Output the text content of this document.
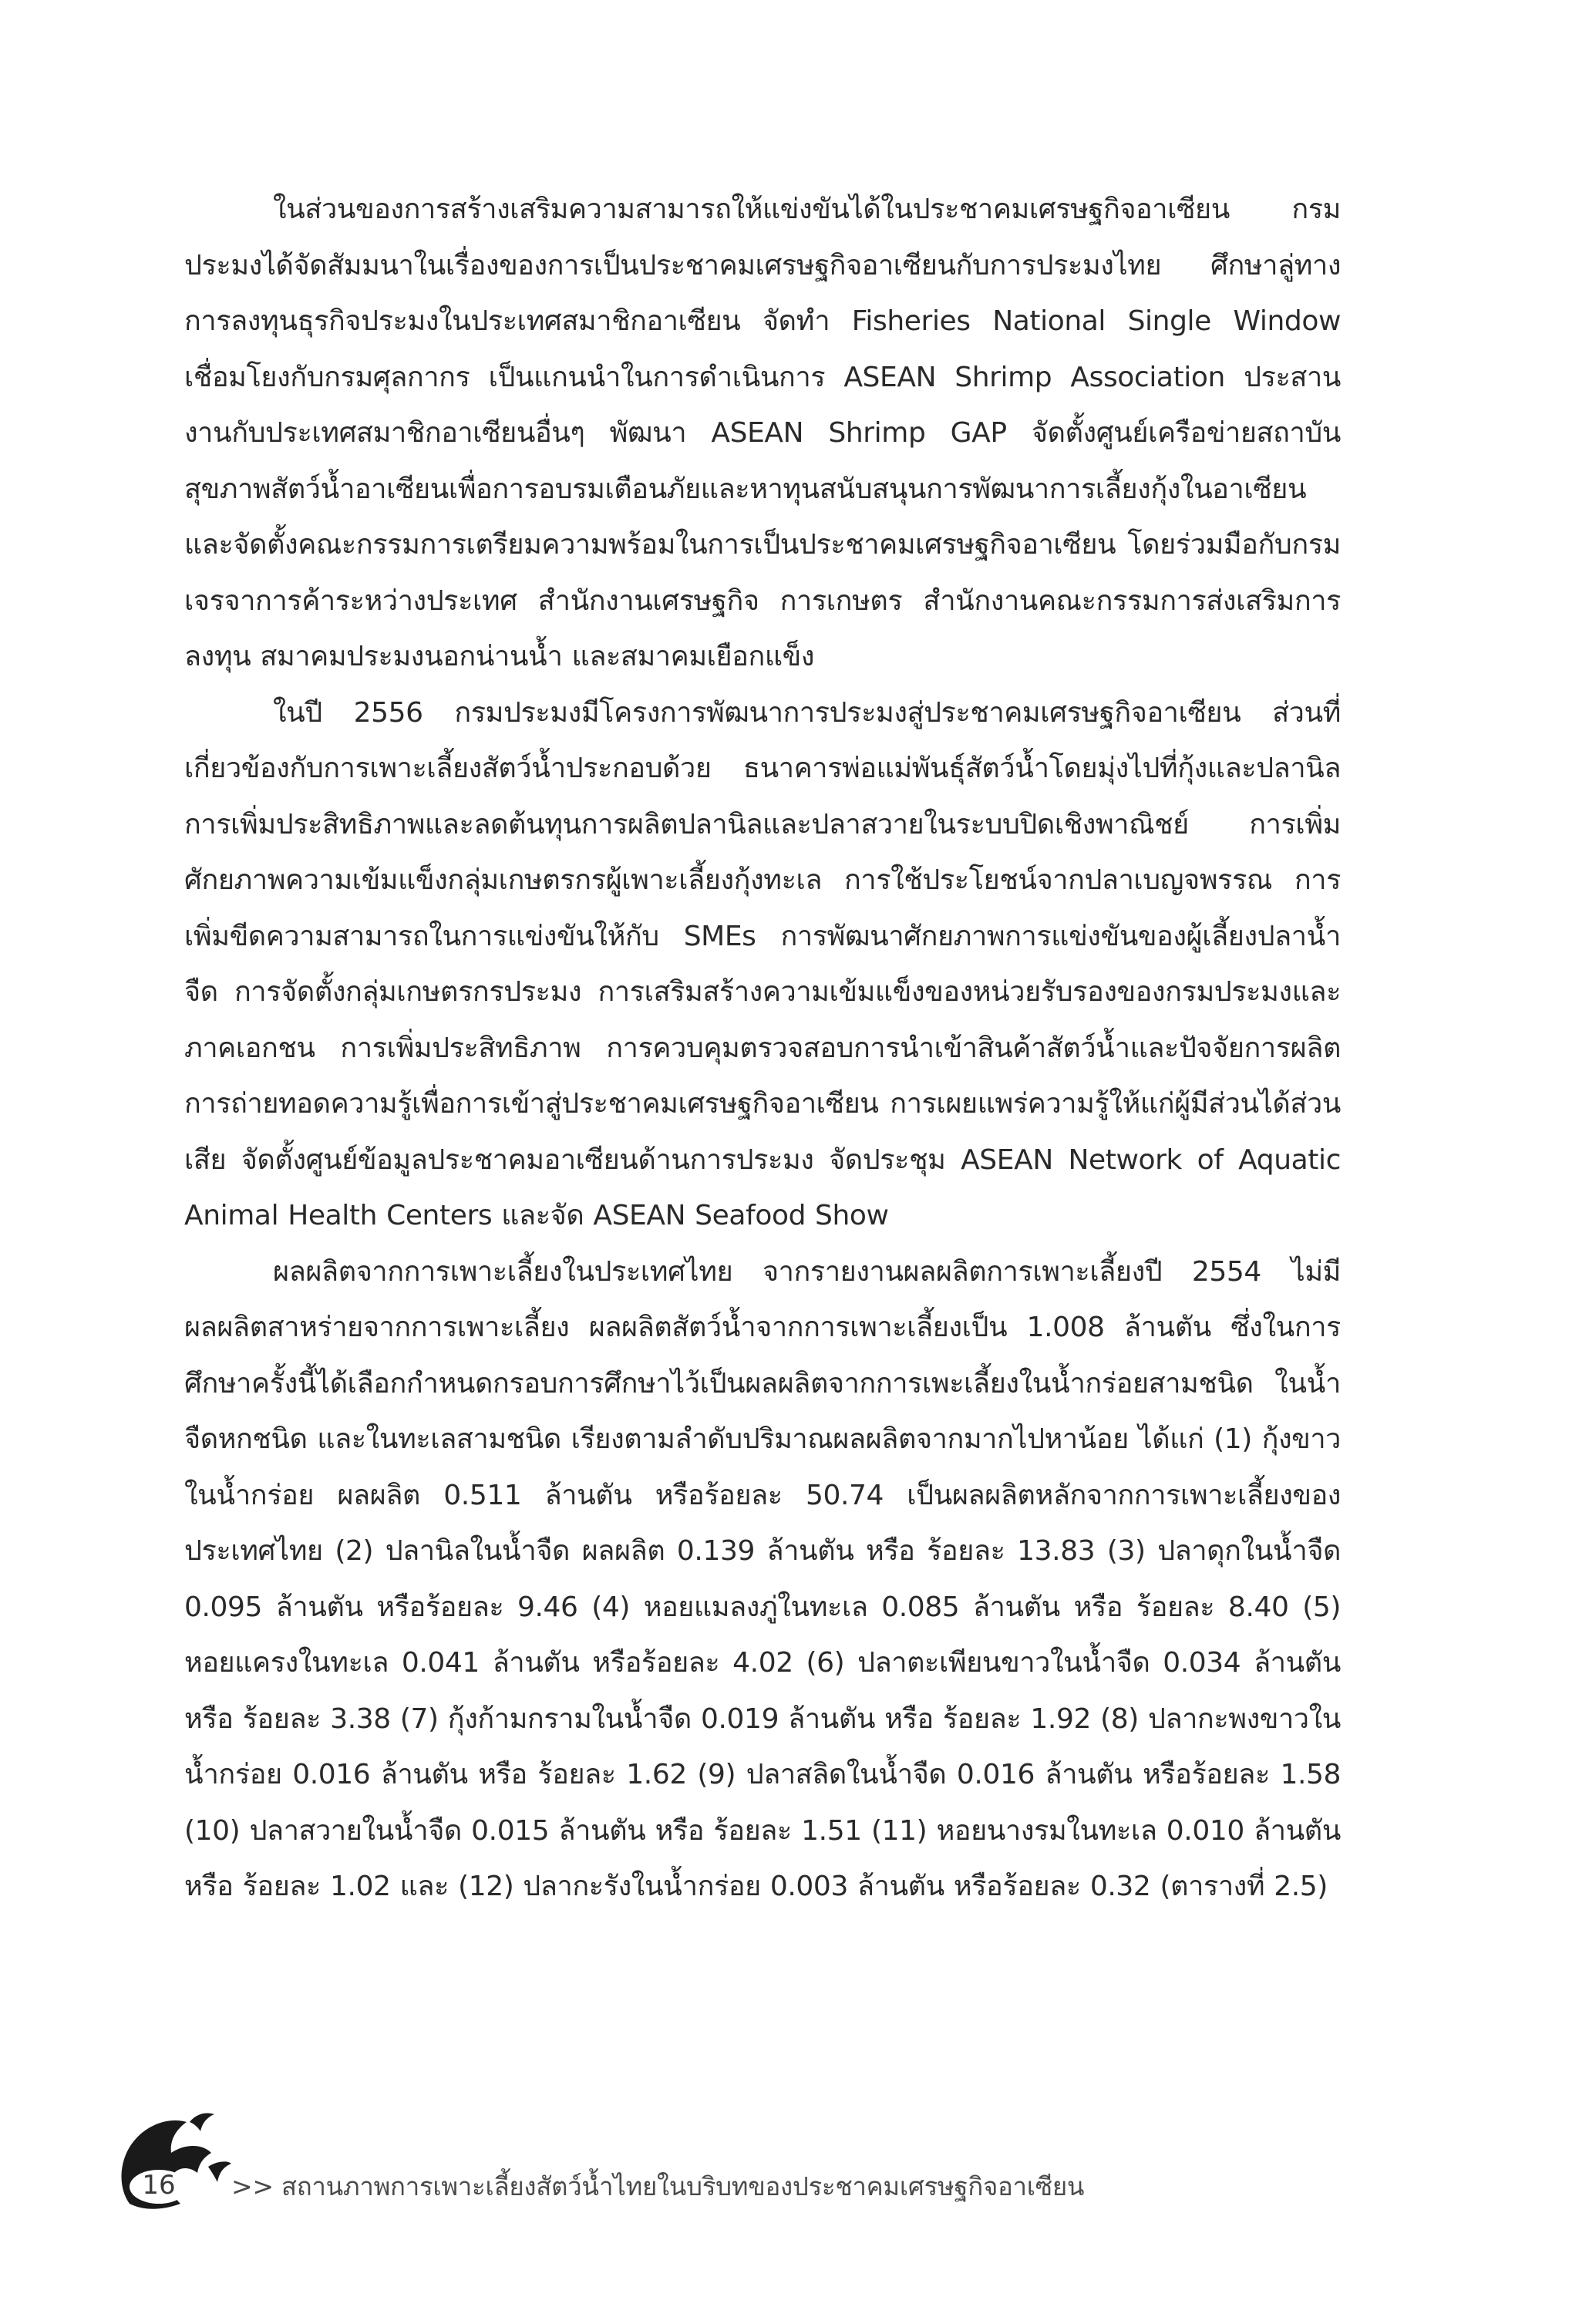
ในส่วนของการสร้างเสริมความสามารถให้แข่งขันได้ในประชาคมเศรษฐกิจอาเซียน กรมประมงได้จัดสัมมนาในเรื่องของการเป็นประชาคมเศรษฐกิจอาเซียนกับการประมงไทย ศึกษาลู่ทางการลงทุนธุรกิจประมงในประเทศสมาชิกอาเซียน จัดทำ Fisheries National Single Window เชื่อมโยงกับกรมศุลกากร เป็นแกนนำในการดำเนินการ ASEAN Shrimp Association ประสานงานกับประเทศสมาชิกอาเซียนอื่นๆ พัฒนา ASEAN Shrimp GAP จัดตั้งศูนย์เครือข่ายสถาบันสุขภาพสัตว์น้ำอาเซียนเพื่อการอบรมเตือนภัยและหาทุนสนับสนุนการพัฒนาการเลี้ยงกุ้งในอาเซียน และจัดตั้งคณะกรรมการเตรียมความพร้อมในการเป็นประชาคมเศรษฐกิจอาเซียน โดยร่วมมือกับกรมเจรจาการค้าระหว่างประเทศ สำนักงานเศรษฐกิจ การเกษตร สำนักงานคณะกรรมการส่งเสริมการลงทุน สมาคมประมงนอกน่านน้ำ และสมาคมเยือกแข็ง

ในปี 2556 กรมประมงมีโครงการพัฒนาการประมงสู่ประชาคมเศรษฐกิจอาเซียน ส่วนที่เกี่ยวข้องกับการเพาะเลี้ยงสัตว์น้ำประกอบด้วย ธนาคารพ่อแม่พันธุ์สัตว์น้ำโดยมุ่งไปที่กุ้งและปลานิล การเพิ่มประสิทธิภาพและลดต้นทุนการผลิตปลานิลและปลาสวายในระบบปิดเชิงพาณิชย์ การเพิ่มศักยภาพความเข้มแข็งกลุ่มเกษตรกรผู้เพาะเลี้ยงกุ้งทะเล การใช้ประโยชน์จากปลาเบญจพรรณ การเพิ่มขีดความสามารถในการแข่งขันให้กับ SMEs การพัฒนาศักยภาพการแข่งขันของผู้เลี้ยงปลาน้ำจืด การจัดตั้งกลุ่มเกษตรกรประมง การเสริมสร้างความเข้มแข็งของหน่วยรับรองของกรมประมงและภาคเอกชน การเพิ่มประสิทธิภาพ การควบคุมตรวจสอบการนำเข้าสินค้าสัตว์น้ำและปัจจัยการผลิต การถ่ายทอดความรู้เพื่อการเข้าสู่ประชาคมเศรษฐกิจอาเซียน การเผยแพร่ความรู้ให้แก่ผู้มีส่วนได้ส่วนเสีย จัดตั้งศูนย์ข้อมูลประชาคมอาเซียนด้านการประมง จัดประชุม ASEAN Network of Aquatic Animal Health Centers และจัด ASEAN Seafood Show

ผลผลิตจากการเพาะเลี้ยงในประเทศไทย จากรายงานผลผลิตการเพาะเลี้ยงปี 2554 ไม่มีผลผลิตสาหร่ายจากการเพาะเลี้ยง ผลผลิตสัตว์น้ำจากการเพาะเลี้ยงเป็น 1.008 ล้านตัน ซึ่งในการศึกษาครั้งนี้ได้เลือกกำหนดกรอบการศึกษาไว้เป็นผลผลิตจากการเพะเลี้ยงในน้ำกร่อยสามชนิด ในน้ำจืดหกชนิด และในทะเลสามชนิด เรียงตามลำดับปริมาณผลผลิตจากมากไปหาน้อย ได้แก่ (1) กุ้งขาวในน้ำกร่อย ผลผลิต 0.511 ล้านตัน หรือร้อยละ 50.74 เป็นผลผลิตหลักจากการเพาะเลี้ยงของประเทศไทย (2) ปลานิลในน้ำจืด ผลผลิต 0.139 ล้านตัน หรือ ร้อยละ 13.83 (3) ปลาดุกในน้ำจืด 0.095 ล้านตัน หรือร้อยละ 9.46 (4) หอยแมลงภู่ในทะเล 0.085 ล้านตัน หรือ ร้อยละ 8.40 (5) หอยแครงในทะเล 0.041 ล้านตัน หรือร้อยละ 4.02 (6) ปลาตะเพียนขาวในน้ำจืด 0.034 ล้านตัน หรือ ร้อยละ 3.38 (7) กุ้งก้ามกรามในน้ำจืด 0.019 ล้านตัน หรือ ร้อยละ 1.92 (8) ปลากะพงขาวในน้ำกร่อย 0.016 ล้านตัน หรือ ร้อยละ 1.62 (9) ปลาสลิดในน้ำจืด 0.016 ล้านตัน หรือร้อยละ 1.58 (10) ปลาสวายในน้ำจืด 0.015 ล้านตัน หรือ ร้อยละ 1.51 (11) หอยนางรมในทะเล 0.010 ล้านตัน หรือ ร้อยละ 1.02 และ (12) ปลากะรังในน้ำกร่อย 0.003 ล้านตัน หรือร้อยละ 0.32 (ตารางที่ 2.5)

16	>> สถานภาพการเพาะเลี้ยงสัตว์น้ำไทยในบริบทของประชาคมเศรษฐกิจอาเซียน
